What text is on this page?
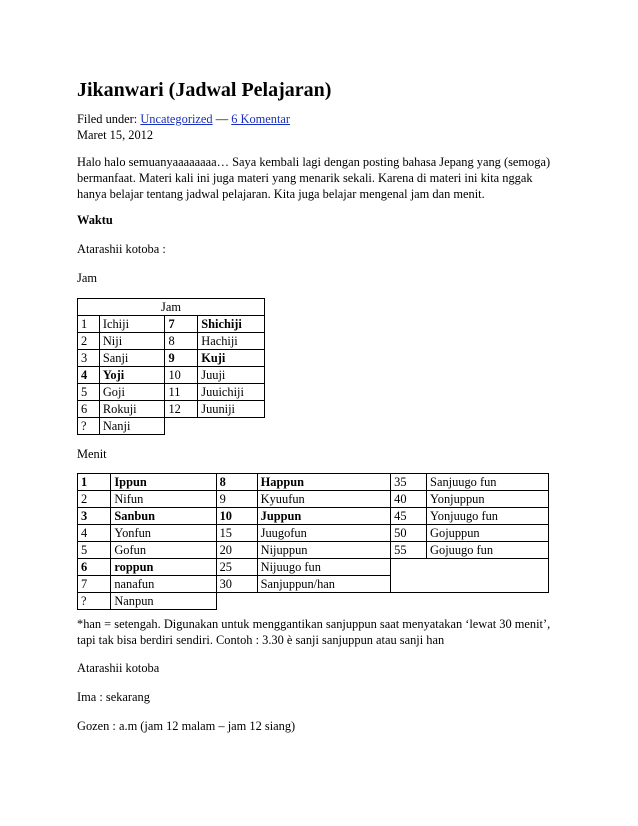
Jikanwari (Jadwal Pelajaran)
Filed under: Uncategorized — 6 Komentar
Maret 15, 2012
Halo halo semuanyaaaaaaaa… Saya kembali lagi dengan posting bahasa Jepang yang (semoga)
bermanfaat. Materi kali ini juga materi yang menarik sekali. Karena di materi ini kita nggak
hanya belajar tentang jadwal pelajaran. Kita juga belajar mengenal jam dan menit.
Waktu
Atarashii kotoba :
Jam
Jam			
1	Ichiji	7	Shichiji
2	Niji	8	Hachiji
3	Sanji	9	Kuji
4	Yoji	10	Juuji
5	Goji	11	Juuichiji
6	Rokuji	12	Juuniji
?	Nanji		
Menit
1	Ippun	8	Happun	35	Sanjuugo fun
2	Nifun	9	Kyuufun	40	Yonjuppun
3	Sanbun	10	Juppun	45	Yonjuugo fun
4	Yonfun	15	Juugofun	50	Gojuppun
5	Gofun	20	Nijuppun	55	Gojuugo fun
6	roppun	25	Nijuugo fun		
7	nanafun	30	Sanjuppun/han		
?	Nanpun				
*han = setengah. Digunakan untuk menggantikan sanjuppun saat menyatakan ‘lewat 30 menit’,
tapi tak bisa berdiri sendiri. Contoh : 3.30 è sanji sanjuppun atau sanji han
Atarashii kotoba
Ima : sekarang
Gozen : a.m (jam 12 malam – jam 12 siang)
